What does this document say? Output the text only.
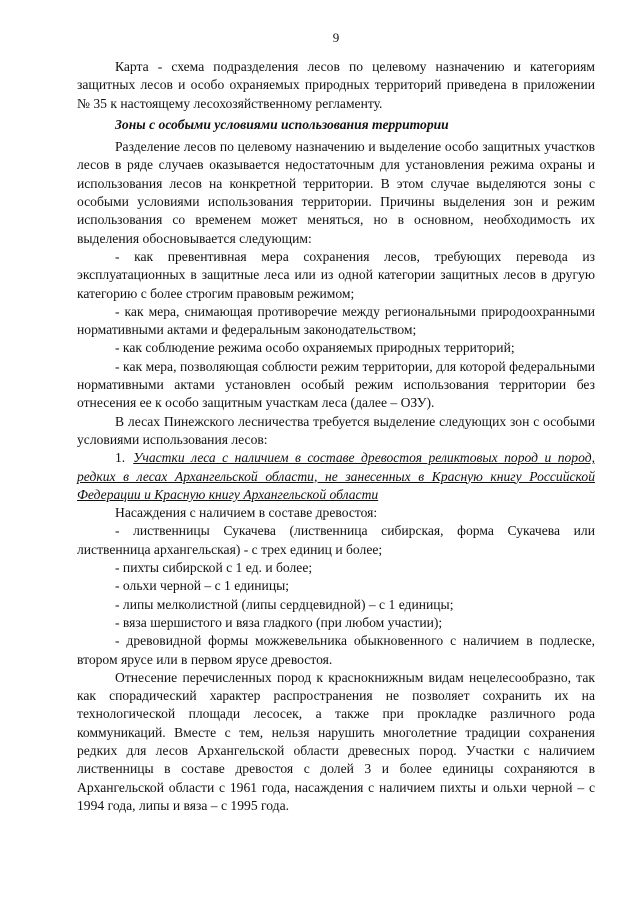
9

Карта - схема подразделения лесов по целевому назначению и категориям защитных лесов и особо охраняемых природных территорий приведена в приложении № 35 к настоящему лесохозяйственному регламенту.

Зоны с особыми условиями использования территории

Разделение лесов по целевому назначению и выделение особо защитных участков лесов в ряде случаев оказывается недостаточным для установления режима охраны и использования лесов на конкретной территории. В этом случае выделяются зоны с особыми условиями использования территории. Причины выделения зон и режим использования со временем может меняться, но в основном, необходимость их выделения обосновывается следующим:

- как превентивная мера сохранения лесов, требующих перевода из эксплуатационных в защитные леса или из одной категории защитных лесов в другую категорию с более строгим правовым режимом;

- как мера, снимающая противоречие между региональными природоохранными нормативными актами и федеральным законодательством;

- как соблюдение режима особо охраняемых природных территорий;

- как мера, позволяющая соблюсти режим территории, для которой федеральными нормативными актами установлен особый режим использования территории без отнесения ее к особо защитным участкам леса (далее – ОЗУ).

В лесах Пинежского лесничества требуется выделение следующих зон с особыми условиями использования лесов:

1. Участки леса с наличием в составе древостоя реликтовых пород и пород, редких в лесах Архангельской области, не занесенных в Красную книгу Российской Федерации и Красную книгу Архангельской области

Насаждения с наличием в составе древостоя:

- лиственницы Сукачева (лиственница сибирская, форма Сукачева или лиственница архангельская) - с трех единиц и более;

- пихты сибирской с 1 ед. и более;

- ольхи черной – с 1 единицы;

- липы мелколистной (липы сердцевидной) – с 1 единицы;

- вяза шершистого и вяза гладкого (при любом участии);

- древовидной формы можжевельника обыкновенного с наличием в подлеске, втором ярусе или в первом ярусе древостоя.

Отнесение перечисленных пород к краснокнижным видам нецелесообразно, так как спорадический характер распространения не позволяет сохранить их на технологической площади лесосек, а также при прокладке различного рода коммуникаций. Вместе с тем, нельзя нарушить многолетние традиции сохранения редких для лесов Архангельской области древесных пород. Участки с наличием лиственницы в составе древостоя с долей 3 и более единицы сохраняются в Архангельской области с 1961 года, насаждения с наличием пихты и ольхи черной – с 1994 года, липы и вяза – с 1995 года.
